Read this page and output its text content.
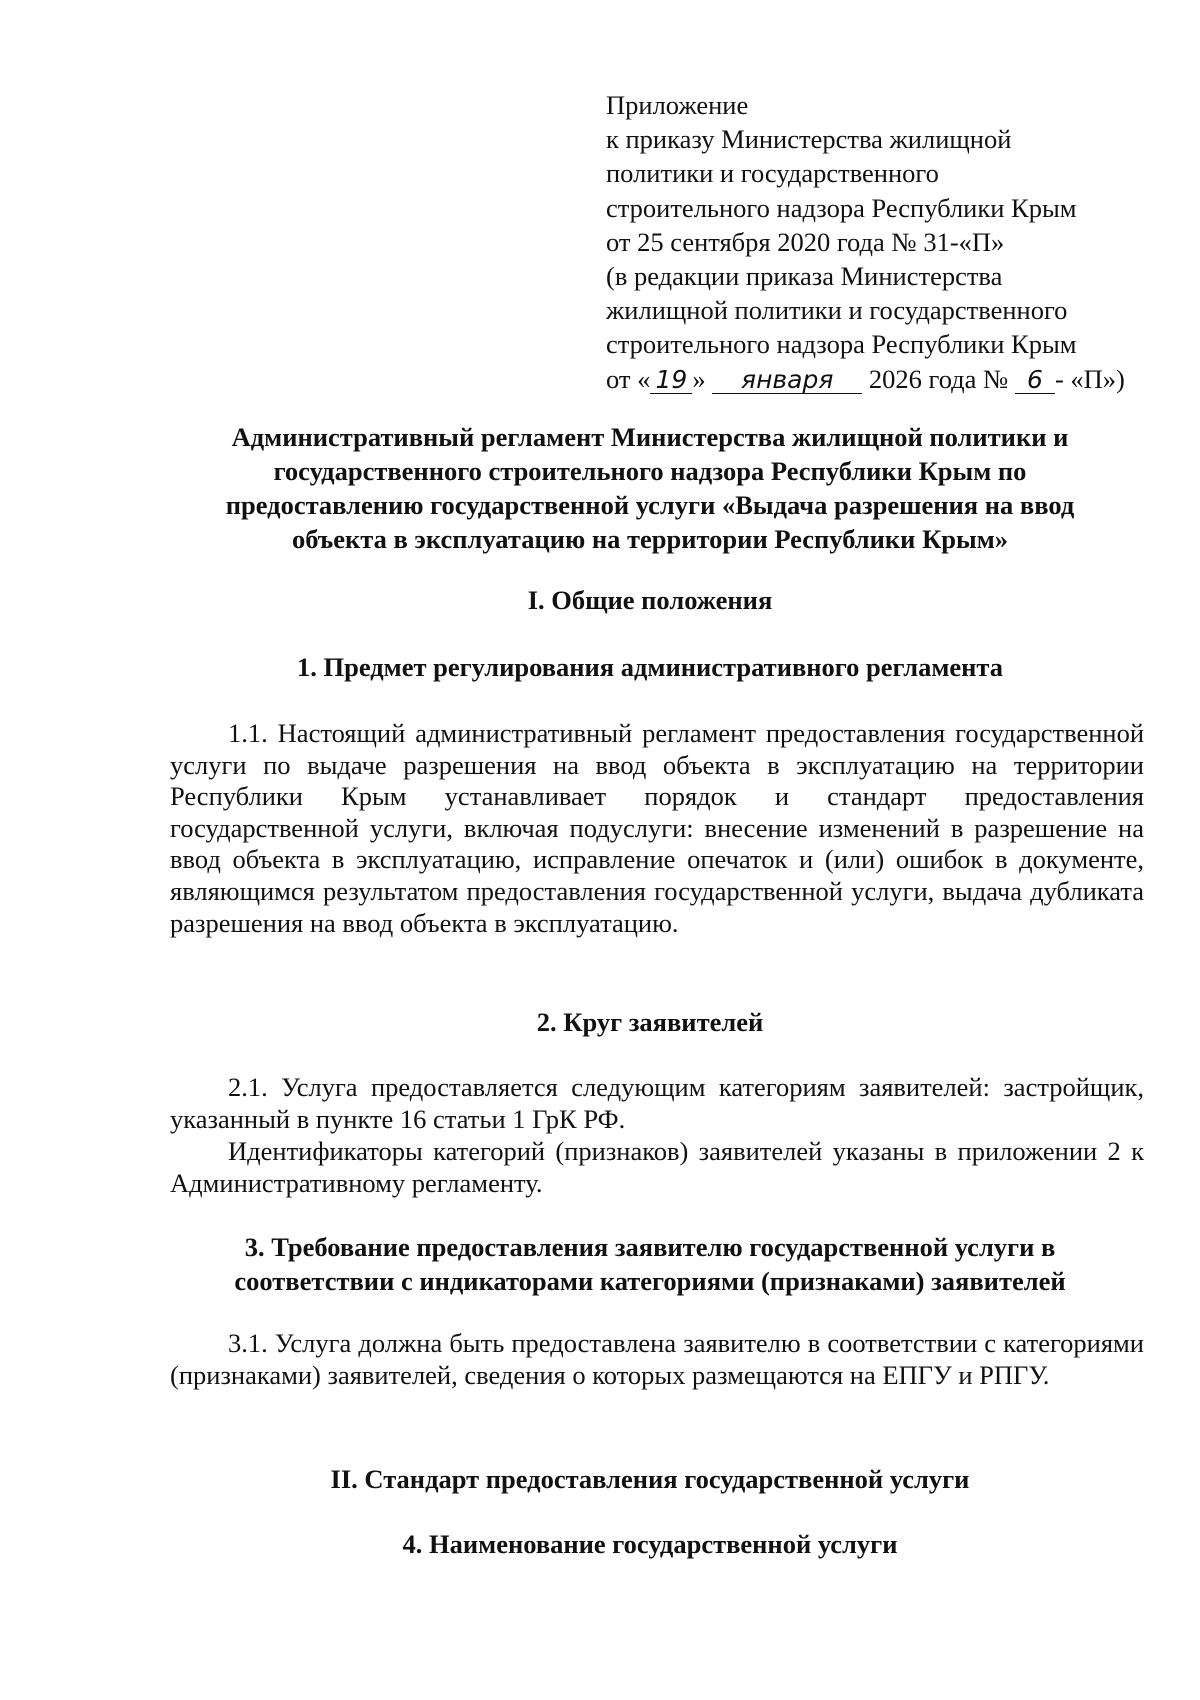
Приложение
к приказу Министерства жилищной
политики и государственного
строительного надзора Республики Крым
от 25 сентября 2020 года № 31-«П»
(в редакции приказа Министерства
жилищной политики и государственного
строительного надзора Республики Крым
от « 19 » января 2026 года № 6 - «П»)
Административный регламент Министерства жилищной политики и
государственного строительного надзора Республики Крым по
предоставлению государственной услуги «Выдача разрешения на ввод
объекта в эксплуатацию на территории Республики Крым»
I. Общие положения
1. Предмет регулирования административного регламента
1.1. Настоящий административный регламент предоставления государственной услуги по выдаче разрешения на ввод объекта в эксплуатацию на территории Республики Крым устанавливает порядок и стандарт предоставления государственной услуги, включая подуслуги: внесение изменений в разрешение на ввод объекта в эксплуатацию, исправление опечаток и (или) ошибок в документе, являющимся результатом предоставления государственной услуги, выдача дубликата разрешения на ввод объекта в эксплуатацию.
2. Круг заявителей
2.1. Услуга предоставляется следующим категориям заявителей: застройщик, указанный в пункте 16 статьи 1 ГрК РФ.
Идентификаторы категорий (признаков) заявителей указаны в приложении 2 к Административному регламенту.
3. Требование предоставления заявителю государственной услуги в
соответствии с индикаторами категориями (признаками) заявителей
3.1. Услуга должна быть предоставлена заявителю в соответствии с категориями (признаками) заявителей, сведения о которых размещаются на ЕПГУ и РПГУ.
II. Стандарт предоставления государственной услуги
4. Наименование государственной услуги
